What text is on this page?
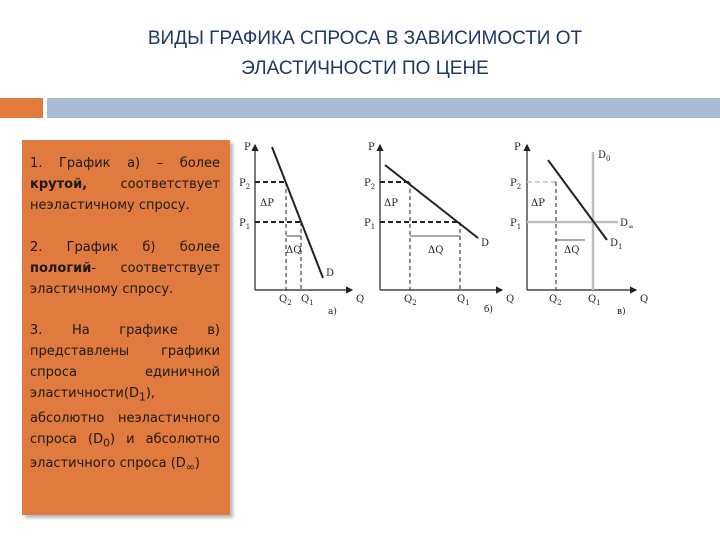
ВИДЫ ГРАФИКА СПРОСА В ЗАВИСИМОСТИ ОТ
ЭЛАСТИЧНОСТИ ПО ЦЕНЕ
1. График а) – более крутой, соответствует неэластичному спросу.
2. График б) более пологий- соответствует эластичному спросу.
3. На графике в) представлены графики спроса единичной $эластичности(D_1)$, абсолютно неэластичного спроса $(D_0)$ и абсолютно эластичного спроса $(D_\infty)$
P
$P_2$
$P_1$
ΔP
ΔQ
$Q_2$ $Q_1$
D
Q
а)
P
$P_2$
$P_1$
ΔP
ΔQ
$Q_2$	$Q_1$
D
Q
б)
P
$P_2$
$P_1$
ΔP
ΔQ
$Q_2$	$Q_1$
$D_0$
$D_\infty$
$D_1$
Q
в)
